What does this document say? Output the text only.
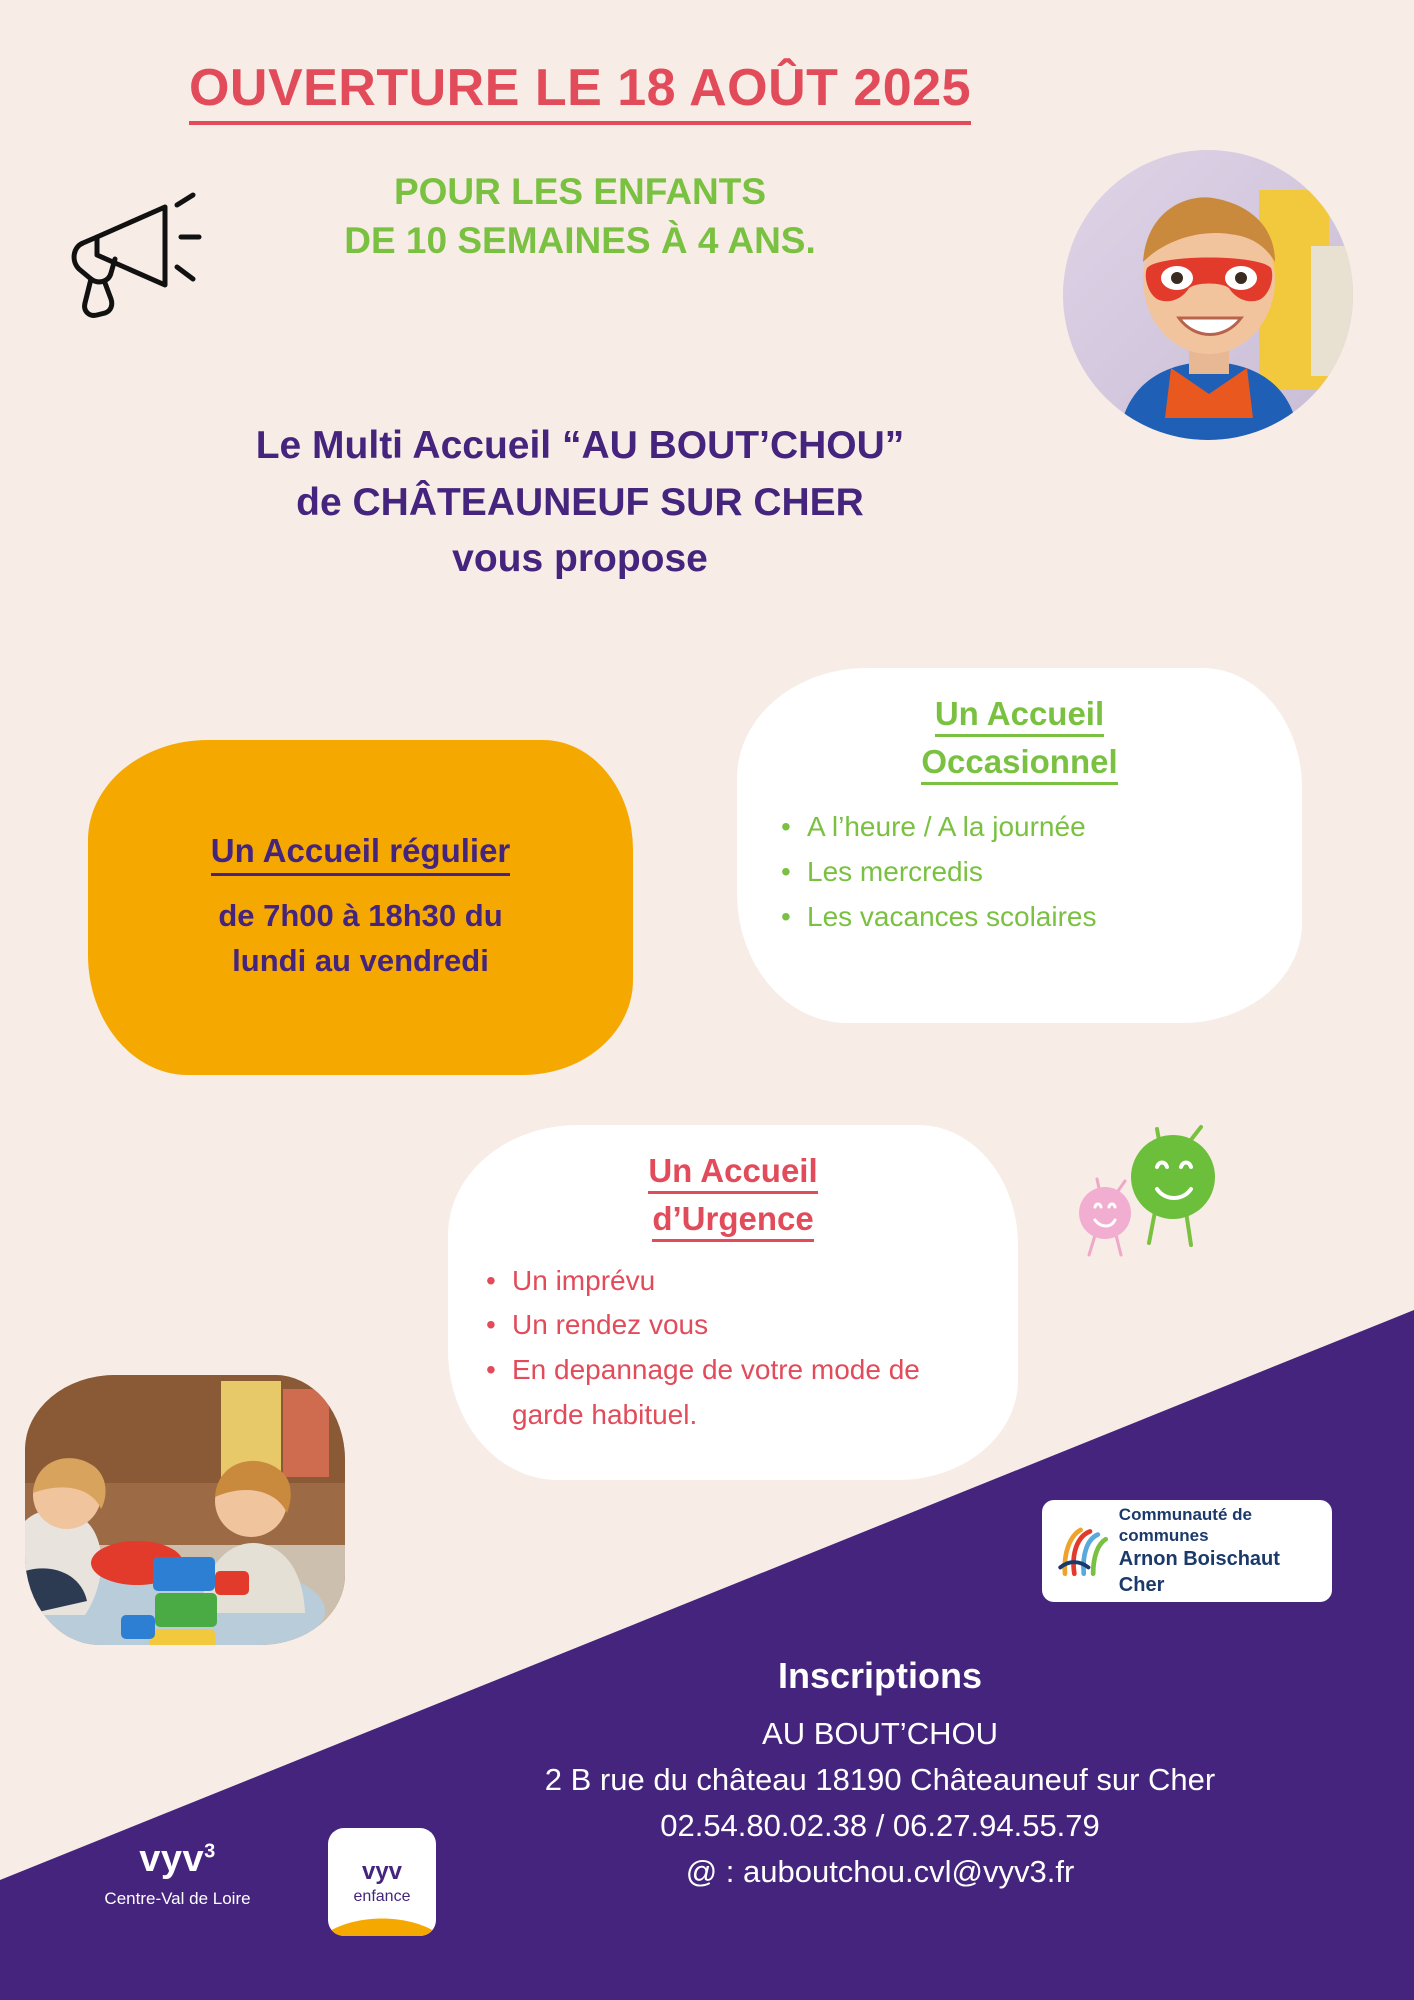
OUVERTURE LE 18 AOÛT 2025
POUR LES ENFANTS
DE 10 SEMAINES À 4 ANS.
Le Multi Accueil “AU BOUT’CHOU”
de CHÂTEAUNEUF SUR CHER
vous propose
Un Accueil régulier
de 7h00 à 18h30 du
lundi au vendredi
Un Accueil
Occasionnel
• A l’heure / A la journée
• Les mercredis
• Les vacances scolaires
Un Accueil
d’Urgence
• Un imprévu
• Un rendez vous
• En depannage de votre mode de garde habituel.
Communauté de communes
Arnon Boischaut Cher
Inscriptions
AU BOUT’CHOU
2 B rue du château 18190 Châteauneuf sur Cher
02.54.80.02.38 / 06.27.94.55.79
@ : auboutchou.cvl@vyv3.fr
vyv$^3$
Centre-Val de Loire
vyv
enfance
